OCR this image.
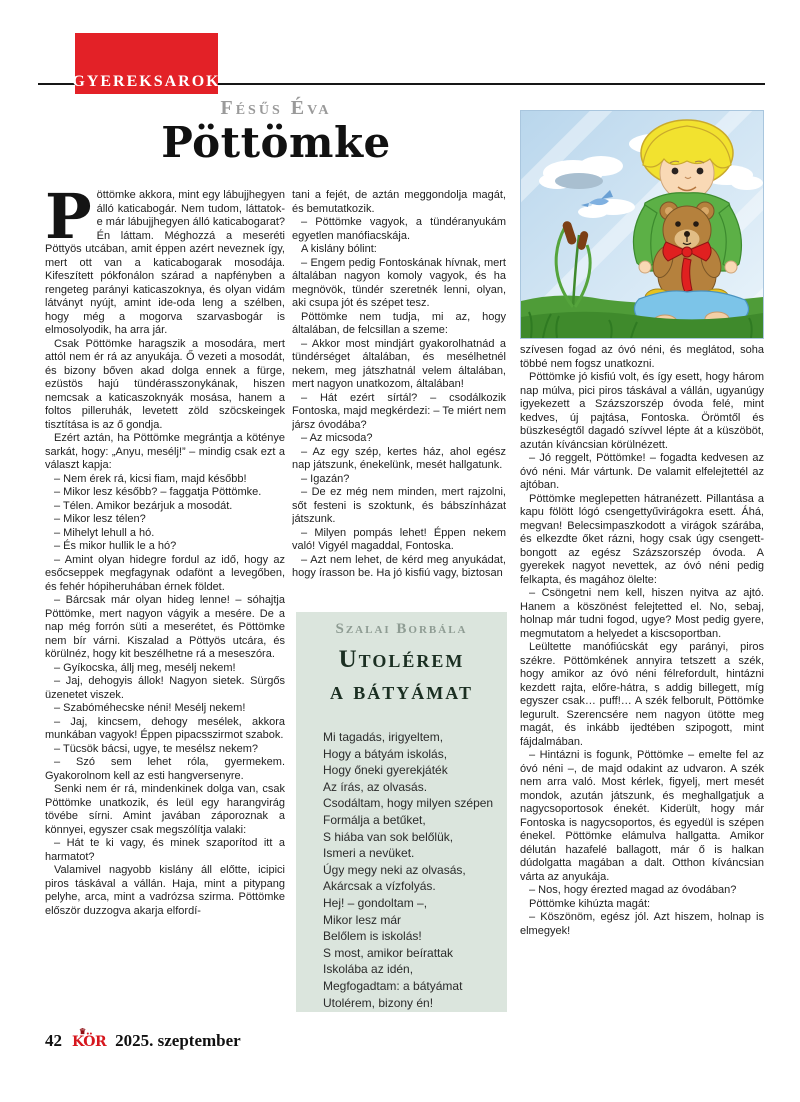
GYEREKSAROK
Fésűs Éva
Pöttömke

Pöttömke akkora, mint egy lábujjhegyen álló katicabogár. Nem tudom, láttatok-e már lábujjhegyen álló katicabogarat? Én láttam. Méghozzá a meseréti Pöttyös utcában, amit éppen azért neveznek így, mert ott van a katicabogarak mosodája. Kifeszített pókfonálon szárad a napfényben a rengeteg parányi katicaszoknya, és olyan vidám látványt nyújt, amint ide-oda leng a szélben, hogy még a mogorva szarvasbogár is elmosolyodik, ha arra jár.

Csak Pöttömke haragszik a mosodára, mert attól nem ér rá az anyukája. Ő vezeti a mosodát, és bizony bőven akad dolga ennek a fürge, ezüstös hajú tündérasszonykának, hiszen nemcsak a katicaszoknyák mosása, hanem a foltos pilleruhák, levetett zöld szöcskeingek tisztítása is az ő gondja.

Ezért aztán, ha Pöttömke megrántja a köténye sarkát, hogy: „Anyu, mesélj!” – mindig csak ezt a választ kapja:

– Nem érek rá, kicsi fiam, majd később!

– Mikor lesz később? – faggatja Pöttömke.

– Télen. Amikor bezárjuk a mosodát.

– Mikor lesz télen?

– Mihelyt lehull a hó.

– És mikor hullik le a hó?

– Amint olyan hidegre fordul az idő, hogy az esőcseppek megfagynak odafönt a levegőben, és fehér hópiheruhában érnek földet.

– Bárcsak már olyan hideg lenne! – sóhajtja Pöttömke, mert nagyon vágyik a mesére. De a nap még forrón süti a meserétet, és Pöttömke nem bír várni. Kiszalad a Pöttyös utcára, és körülnéz, hogy kit beszélhetne rá a meseszóra.

– Gyíkocska, állj meg, mesélj nekem!

– Jaj, dehogyis állok! Nagyon sietek. Sürgős üzenetet viszek.

– Szabóméhecske néni! Mesélj nekem!

– Jaj, kincsem, dehogy mesélek, akkora munkában vagyok! Éppen pipacsszirmot szabok.

– Tücsök bácsi, ugye, te mesélsz nekem?

– Szó sem lehet róla, gyermekem. Gyakorolnom kell az esti hangversenyre.

Senki nem ér rá, mindenkinek dolga van, csak Pöttömke unatkozik, és leül egy harangvirág tövébe sírni. Amint javában záporoznak a könnyei, egyszer csak megszólítja valaki:

– Hát te ki vagy, és minek szaporítod itt a harmatot?

Valamivel nagyobb kislány áll előtte, icipici piros táskával a vállán. Haja, mint a pitypang pelyhe, arca, mint a vadrózsa szirma. Pöttömke először duzzogva akarja elfordí-

tani a fejét, de aztán meggondolja magát, és bemutatkozik.

– Pöttömke vagyok, a tündéranyukám egyetlen manófiacskája.

A kislány bólint:

– Engem pedig Fontoskának hívnak, mert általában nagyon komoly vagyok, és ha megnövök, tündér szeretnék lenni, olyan, aki csupa jót és szépet tesz.

Pöttömke nem tudja, mi az, hogy általában, de felcsillan a szeme:

– Akkor most mindjárt gyakorolhatnád a tündérséget általában, és mesélhetnél nekem, meg játszhatnál velem általában, mert nagyon unatkozom, általában!

– Hát ezért sírtál? – csodálkozik Fontoska, majd megkérdezi: – Te miért nem jársz óvodába?

– Az micsoda?

– Az egy szép, kertes ház, ahol egész nap játszunk, énekelünk, mesét hallgatunk.

– Igazán?

– De ez még nem minden, mert rajzolni, sőt festeni is szoktunk, és bábszínházat játszunk.

– Milyen pompás lehet! Éppen nekem való! Vigyél magaddal, Fontoska.

– Azt nem lehet, de kérd meg anyukádat, hogy írasson be. Ha jó kisfiú vagy, biztosan

szívesen fogad az óvó néni, és meglátod, soha többé nem fogsz unatkozni.

Pöttömke jó kisfiú volt, és így esett, hogy három nap múlva, pici piros táskával a vállán, ugyanúgy igyekezett a Százszorszép óvoda felé, mint kedves, új pajtása, Fontoska. Örömtől és büszkeségtől dagadó szívvel lépte át a küszöböt, azután kíváncsian körülnézett.

– Jó reggelt, Pöttömke! – fogadta kedvesen az óvó néni. Már vártunk. De valamit elfelejtettél az ajtóban.

Pöttömke meglepetten hátranézett. Pillantása a kapu fölött lógó csengettyűvirágokra esett. Áhá, megvan! Belecsimpaszkodott a virágok szárába, és elkezdte őket rázni, hogy csak úgy csengett-bongott az egész Százszorszép óvoda. A gyerekek nagyot nevettek, az óvó néni pedig felkapta, és magához ölelte:

– Csöngetni nem kell, hiszen nyitva az ajtó. Hanem a köszönést felejtetted el. No, sebaj, holnap már tudni fogod, ugye? Most pedig gyere, megmutatom a helyedet a kiscsoportban.

Leültette manófiúcskát egy parányi, piros székre. Pöttömkének annyira tetszett a szék, hogy amikor az óvó néni félrefordult, hintázni kezdett rajta, előre-hátra, s addig billegett, míg egyszer csak… puff!… A szék felborult, Pöttömke legurult. Szerencsére nem nagyon ütötte meg magát, és inkább ijedtében szipogott, mint fájdalmában.

– Hintázni is fogunk, Pöttömke – emelte fel az óvó néni –, de majd odakint az udvaron. A szék nem arra való. Most kérlek, figyelj, mert mesét mondok, azután játszunk, és meghallgatjuk a nagycsoportosok énekét. Kiderült, hogy már Fontoska is nagycsoportos, és egyedül is szépen énekel. Pöttömke elámulva hallgatta. Amikor délután hazafelé ballagott, már ő is halkan dúdolgatta magában a dalt. Otthon kíváncsian várta az anyukája.

– Nos, hogy érezted magad az óvodában?

Pöttömke kihúzta magát:

– Köszönöm, egész jól. Azt hiszem, holnap is elmegyek!

Szalai Borbála
Utolérem
a bátyámat
Mi tagadás, irigyeltem,
Hogy a bátyám iskolás,
Hogy őneki gyerekjáték
Az írás, az olvasás.
Csodáltam, hogy milyen szépen
Formálja a betűket,
S hiába van sok belőlük,
Ismeri a nevüket.
Úgy megy neki az olvasás,
Akárcsak a vízfolyás.
Hej! – gondoltam –,
Mikor lesz már
Belőlem is iskolás!
S most, amikor beírattak
Iskolába az idén,
Megfogadtam: a bátyámat
Utolérem, bizony én!
42 ♛
KÖR 2025. szeptember
